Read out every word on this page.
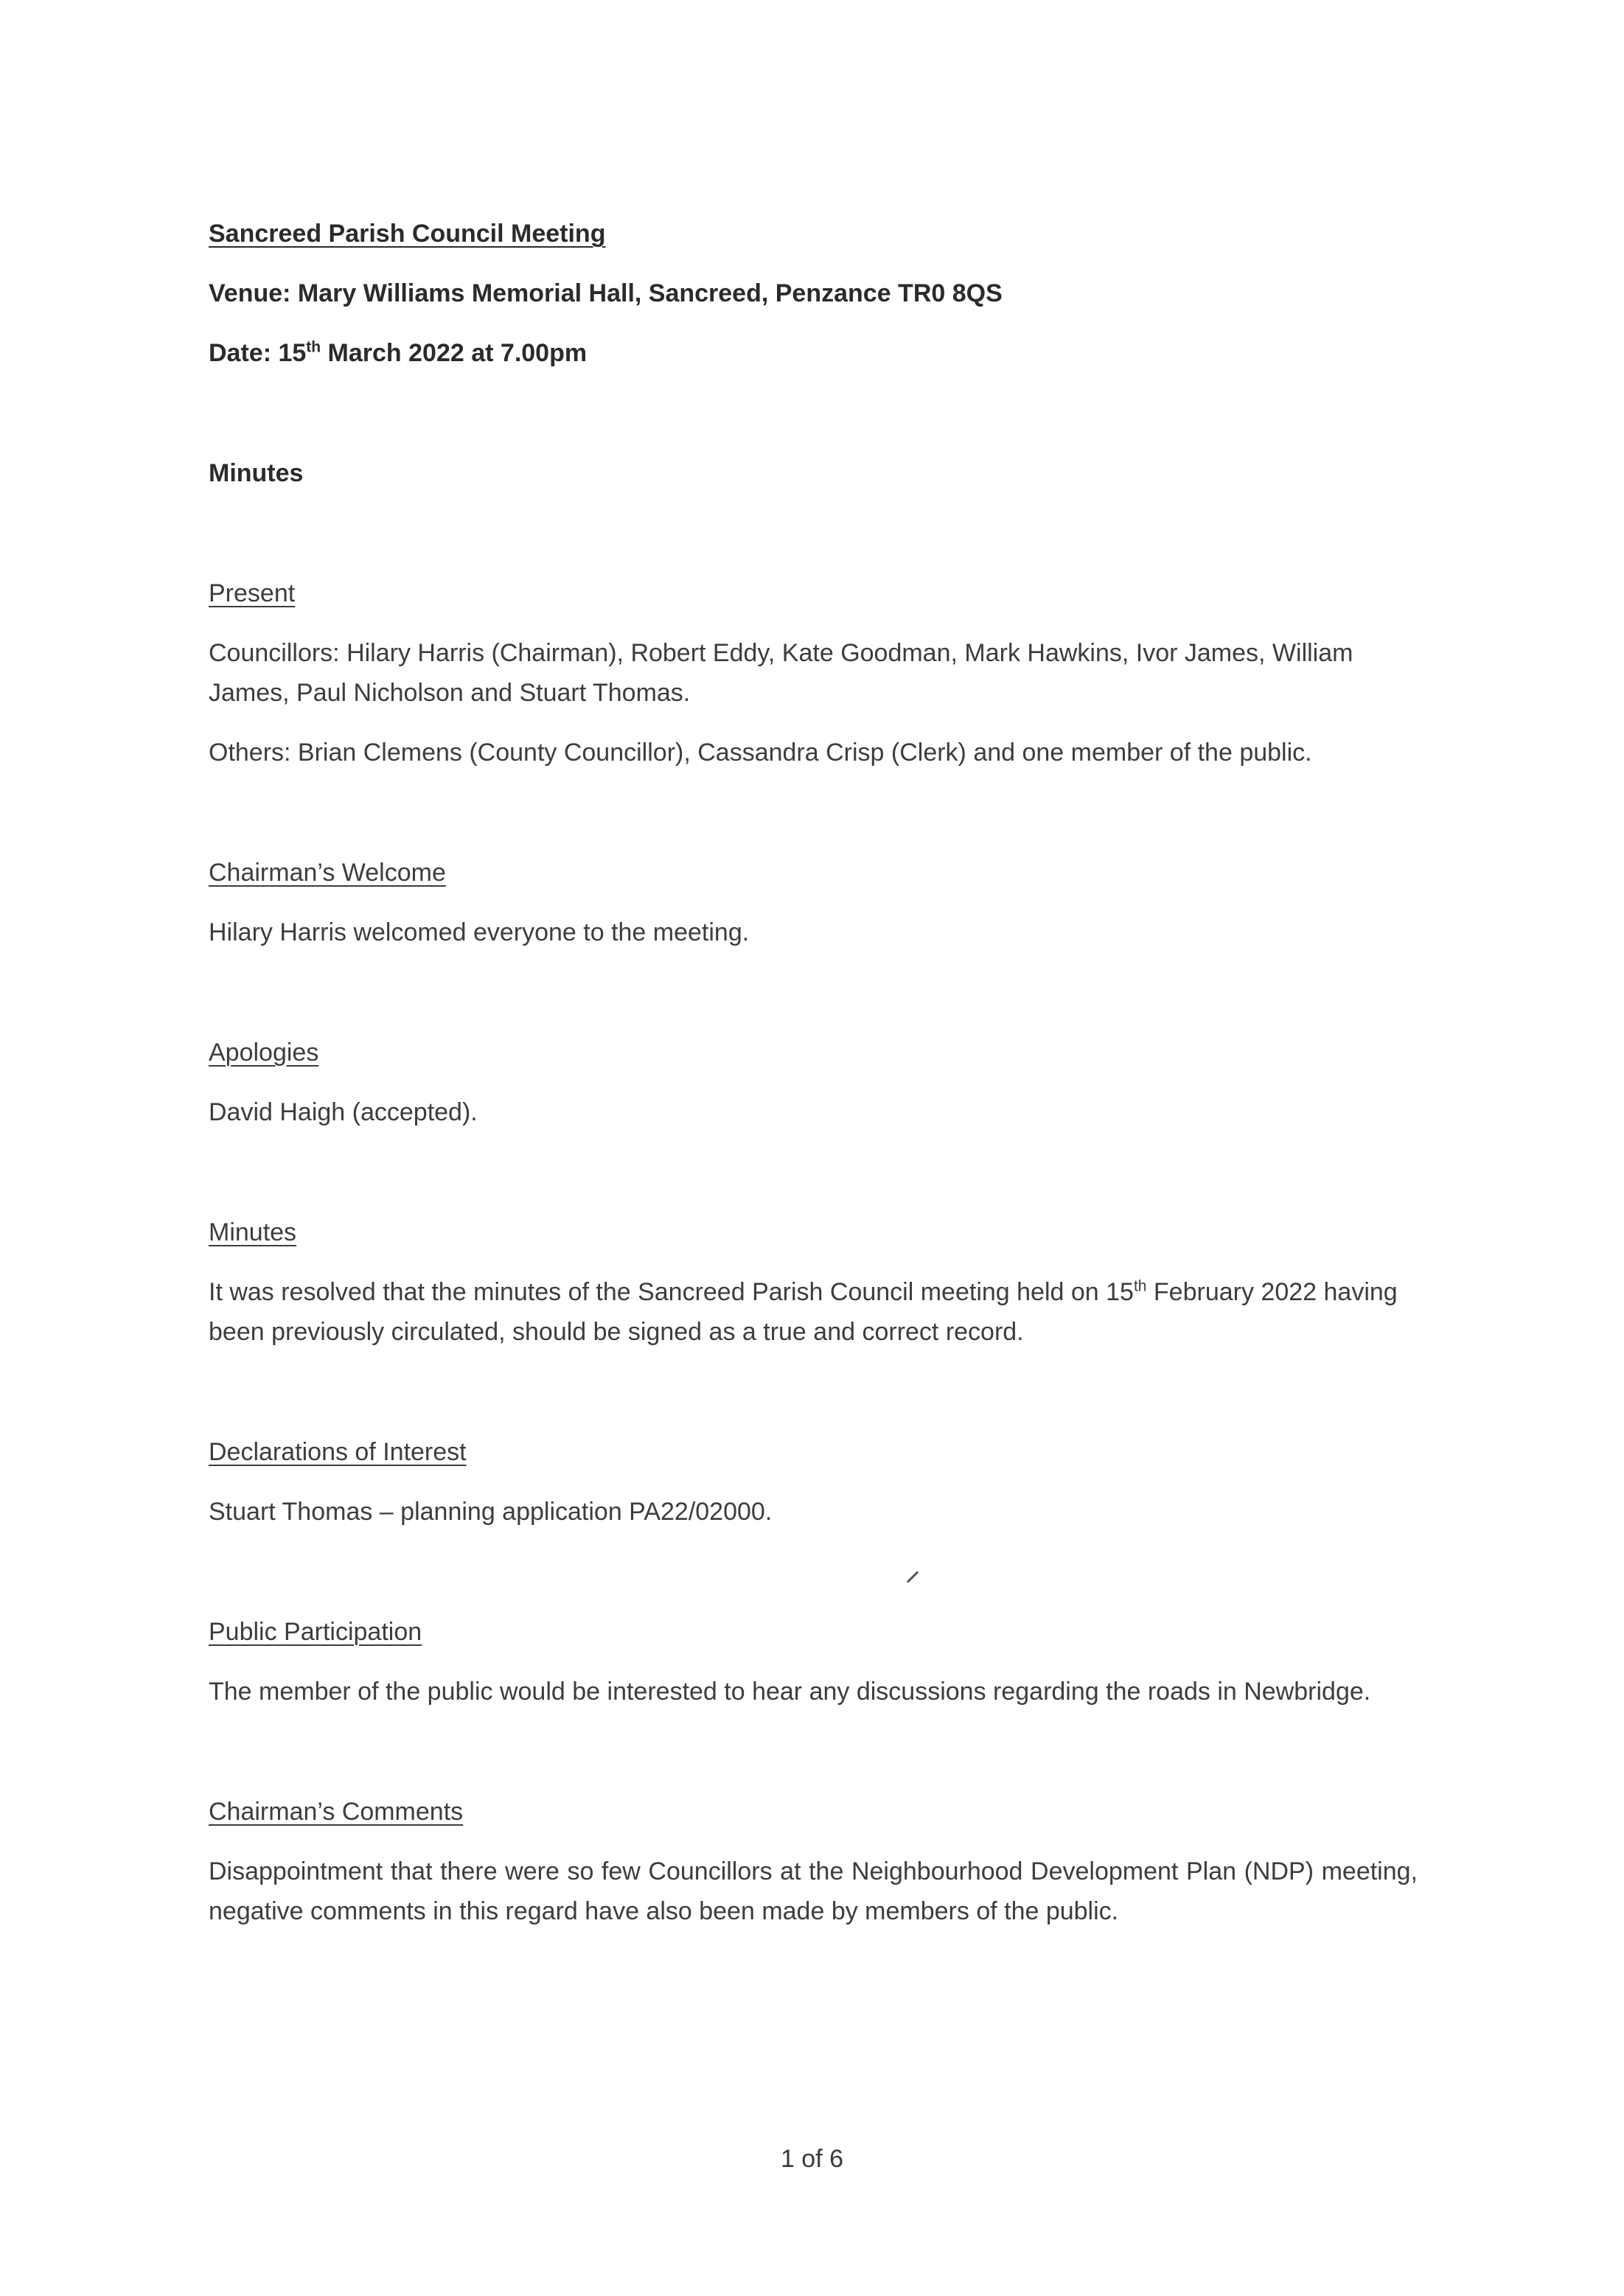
Sancreed Parish Council Meeting

Venue: Mary Williams Memorial Hall, Sancreed, Penzance TR0 8QS

Date: 15th March 2022 at 7.00pm

Minutes

Present

Councillors: Hilary Harris (Chairman), Robert Eddy, Kate Goodman, Mark Hawkins, Ivor James, William James, Paul Nicholson and Stuart Thomas.

Others: Brian Clemens (County Councillor), Cassandra Crisp (Clerk) and one member of the public.

Chairman’s Welcome

Hilary Harris welcomed everyone to the meeting.

Apologies

David Haigh (accepted).

Minutes

It was resolved that the minutes of the Sancreed Parish Council meeting held on 15th February 2022 having been previously circulated, should be signed as a true and correct record.

Declarations of Interest

Stuart Thomas – planning application PA22/02000.

Public Participation

The member of the public would be interested to hear any discussions regarding the roads in Newbridge.

Chairman’s Comments

Disappointment that there were so few Councillors at the Neighbourhood Development Plan (NDP) meeting, negative comments in this regard have also been made by members of the public.

1 of 6
